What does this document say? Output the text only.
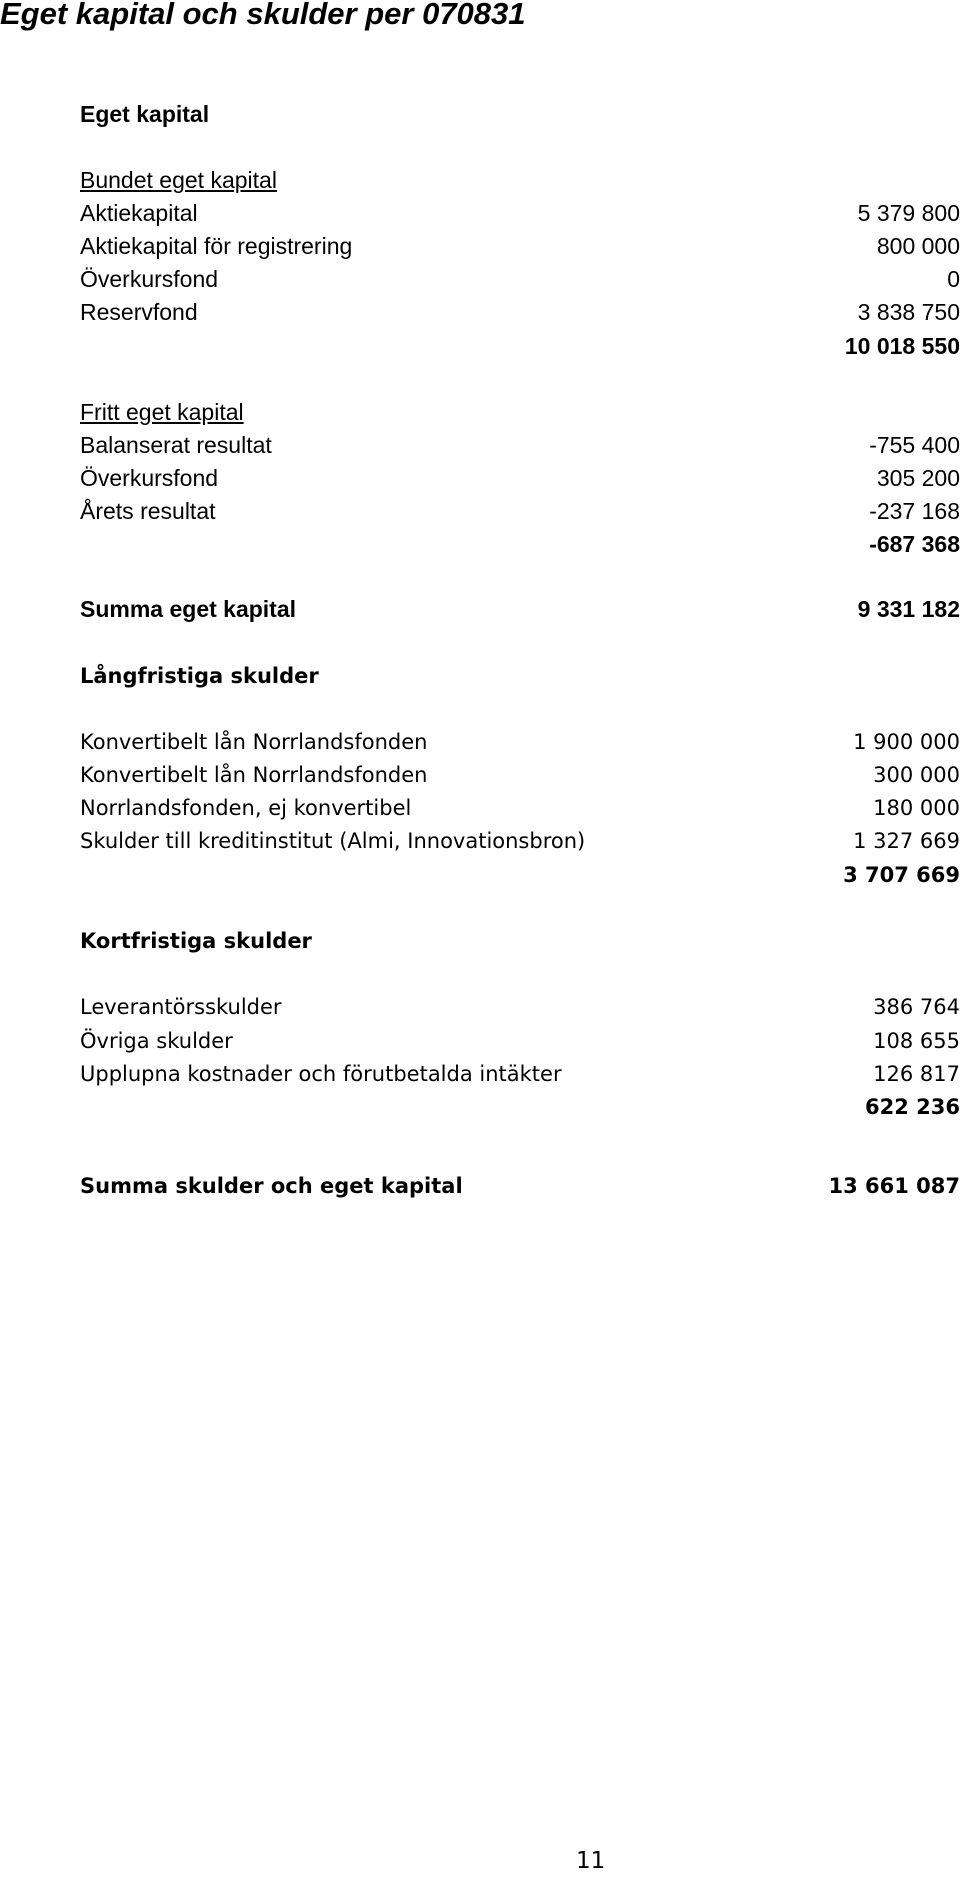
Eget kapital och skulder per 070831
Eget kapital
Bundet eget kapital
Aktiekapital	5 379 800
Aktiekapital för registrering	800 000
Överkursfond	0
Reservfond	3 838 750
10 018 550
Fritt eget kapital
Balanserat resultat	-755 400
Överkursfond	305 200
Årets resultat	-237 168
-687 368
Summa eget kapital	9 331 182
Långfristiga skulder
Konvertibelt lån Norrlandsfonden	1 900 000
Konvertibelt lån Norrlandsfonden	300 000
Norrlandsfonden, ej konvertibel	180 000
Skulder till kreditinstitut (Almi, Innovationsbron)	1 327 669
3 707 669
Kortfristiga skulder
Leverantörsskulder	386 764
Övriga skulder	108 655
Upplupna kostnader och förutbetalda intäkter	126 817
622 236
Summa skulder och eget kapital	13 661 087
11
